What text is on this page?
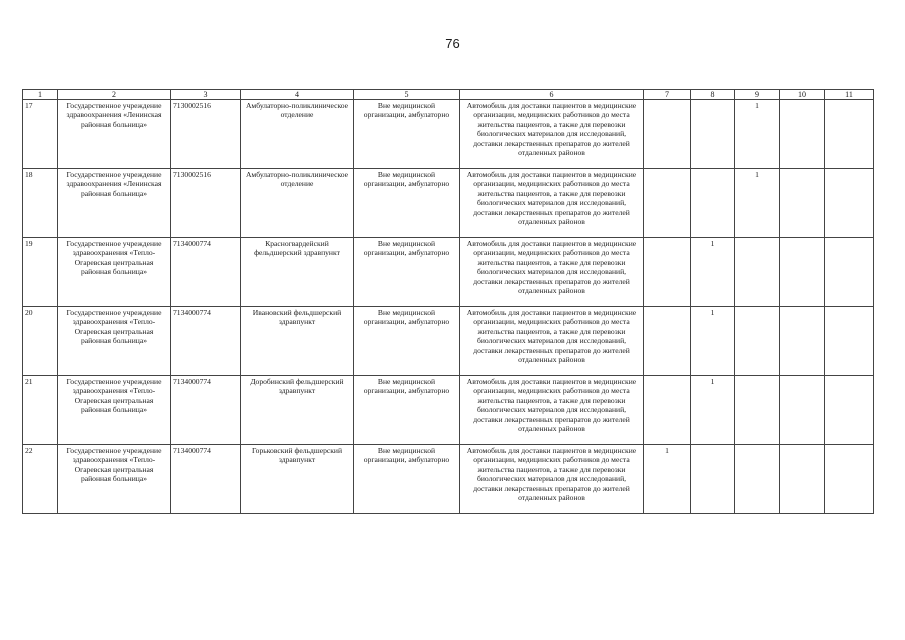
76
1	2	3	4	5	6	7	8	9	10	11
17	Государственное учреждение здравоохранения «Ленинская районная больница»	7130002516	Амбулаторно-поликлиническое отделение	Вне медицинской организации, амбулаторно	Автомобиль для доставки пациентов в медицинские организации, медицинских работников до места жительства пациентов, а также для перевозки биологических материалов для исследований, доставки лекарственных препаратов до жителей отдаленных районов			1		
18	Государственное учреждение здравоохранения «Ленинская районная больница»	7130002516	Амбулаторно-поликлиническое отделение	Вне медицинской организации, амбулаторно	Автомобиль для доставки пациентов в медицинские организации, медицинских работников до места жительства пациентов, а также для перевозки биологических материалов для исследований, доставки лекарственных препаратов до жителей отдаленных районов			1		
19	Государственное учреждение здравоохранения «Тепло-Огаревская центральная районная больница»	7134000774	Красногвардейский фельдшерский здравпункт	Вне медицинской организации, амбулаторно	Автомобиль для доставки пациентов в медицинские организации, медицинских работников до места жительства пациентов, а также для перевозки биологических материалов для исследований, доставки лекарственных препаратов до жителей отдаленных районов		1			
20	Государственное учреждение здравоохранения «Тепло-Огаревская центральная районная больница»	7134000774	Ивановский фельдшерский здравпункт	Вне медицинской организации, амбулаторно	Автомобиль для доставки пациентов в медицинские организации, медицинских работников до места жительства пациентов, а также для перевозки биологических материалов для исследований, доставки лекарственных препаратов до жителей отдаленных районов		1			
21	Государственное учреждение здравоохранения «Тепло-Огаревская центральная районная больница»	7134000774	Доробинский фельдшерский здравпункт	Вне медицинской организации, амбулаторно	Автомобиль для доставки пациентов в медицинские организации, медицинских работников до места жительства пациентов, а также для перевозки биологических материалов для исследований, доставки лекарственных препаратов до жителей отдаленных районов		1			
22	Государственное учреждение здравоохранения «Тепло-Огаревская центральная районная больница»	7134000774	Горьковский фельдшерский здравпункт	Вне медицинской организации, амбулаторно	Автомобиль для доставки пациентов в медицинские организации, медицинских работников до места жительства пациентов, а также для перевозки биологических материалов для исследований, доставки лекарственных препаратов до жителей отдаленных районов	1				
